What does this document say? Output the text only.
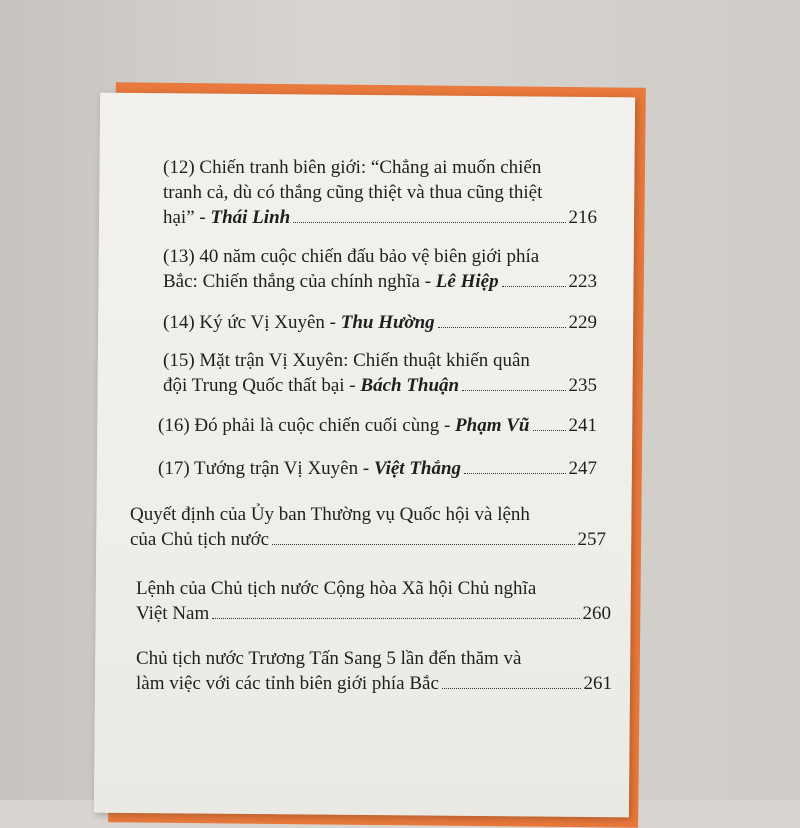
(12) Chiến tranh biên giới: “Chẳng ai muốn chiến
tranh cả, dù có thắng cũng thiệt và thua cũng thiệt
hại” - Thái Linh	216
(13) 40 năm cuộc chiến đấu bảo vệ biên giới phía
Bắc: Chiến thắng của chính nghĩa - Lê Hiệp	223
(14) Ký ức Vị Xuyên - Thu Hường	229
(15) Mặt trận Vị Xuyên: Chiến thuật khiến quân
đội Trung Quốc thất bại - Bách Thuận	235
(16) Đó phải là cuộc chiến cuối cùng - Phạm Vũ 241
(17) Tướng trận Vị Xuyên - Việt Thắng	247
Quyết định của Ủy ban Thường vụ Quốc hội và lệnh
của Chủ tịch nước	257
Lệnh của Chủ tịch nước Cộng hòa Xã hội Chủ nghĩa
Việt Nam	260
Chủ tịch nước Trương Tấn Sang 5 lần đến thăm và
làm việc với các tỉnh biên giới phía Bắc	261
